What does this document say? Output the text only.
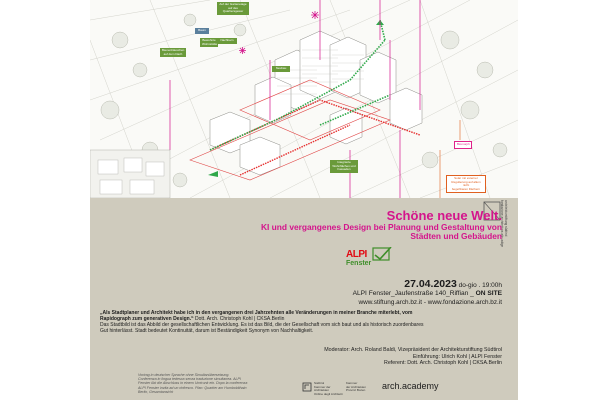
Auf der Gartenetage
auf des Quartiersgewer
Bewohnte
Wohnstätte
Bienenhäuschen
auf dem Dach
Baum
Nachbarn
Neubau
Integrierte
Wohnflächen und
Fassaden
Solar mit externer
Regulierung auf allem nicht
begehbaren Dächern
Biomorph
architekturstiftung südtirol
fondazione architettura alto adige
Schöne neue Welt.
KI und vergangenes Design bei Planung und Gestaltung von Städten und Gebäuden
ALPI
Fenster
27.04.2023 do-gio . 19:00h
ALPI Fenster_Jaufenstraße 140_Riffian _ ON SITE
www.stiftung.arch.bz.it - www.fondazione.arch.bz.it
„Als Stadtplaner und Architekt habe ich in den vergangenen drei Jahrzehnten alle Veränderungen in meiner Branche miterlebt, vom Rapidograph zum generativen Design.“ Dott. Arch. Christoph Kohl | CKSA.Berlin
Das Stadtbild ist das Abbild der gesellschaftlichen Entwicklung. Es ist das Bild, die der Gesellschaft vom sich baut und als historisch zuordenbares Gut hinterlässt. Stadt bedeutet Kontinuität, darum ist Beständigkeit Synonym von Nachhaltigkeit.
Moderator: Arch. Roland Baldi, Vizepräsident der Architekturstiftung Südtirol
Einführung: Ulrich Kohl | ALPI Fenster
Referent: Dott. Arch. Christoph Kohl | CKSA.Berlin
Vortrag in deutscher Sprache ohne Simultanübersetzung. Conferenza in lingua tedesca senza traduzione simultanea. ALPI Fenster übt die Abschluss in einem Umtrunk ein. Dopo la conferenza ALPI Fenster invita ad un rinfresco. Plan: Quartier am Humboldthain Berlin, Gesamtansicht
Südtirol
Kammer der Architekten
Ordine degli Architetti
Kammer
der Architekten
Provinz Bozen	arch.academy
